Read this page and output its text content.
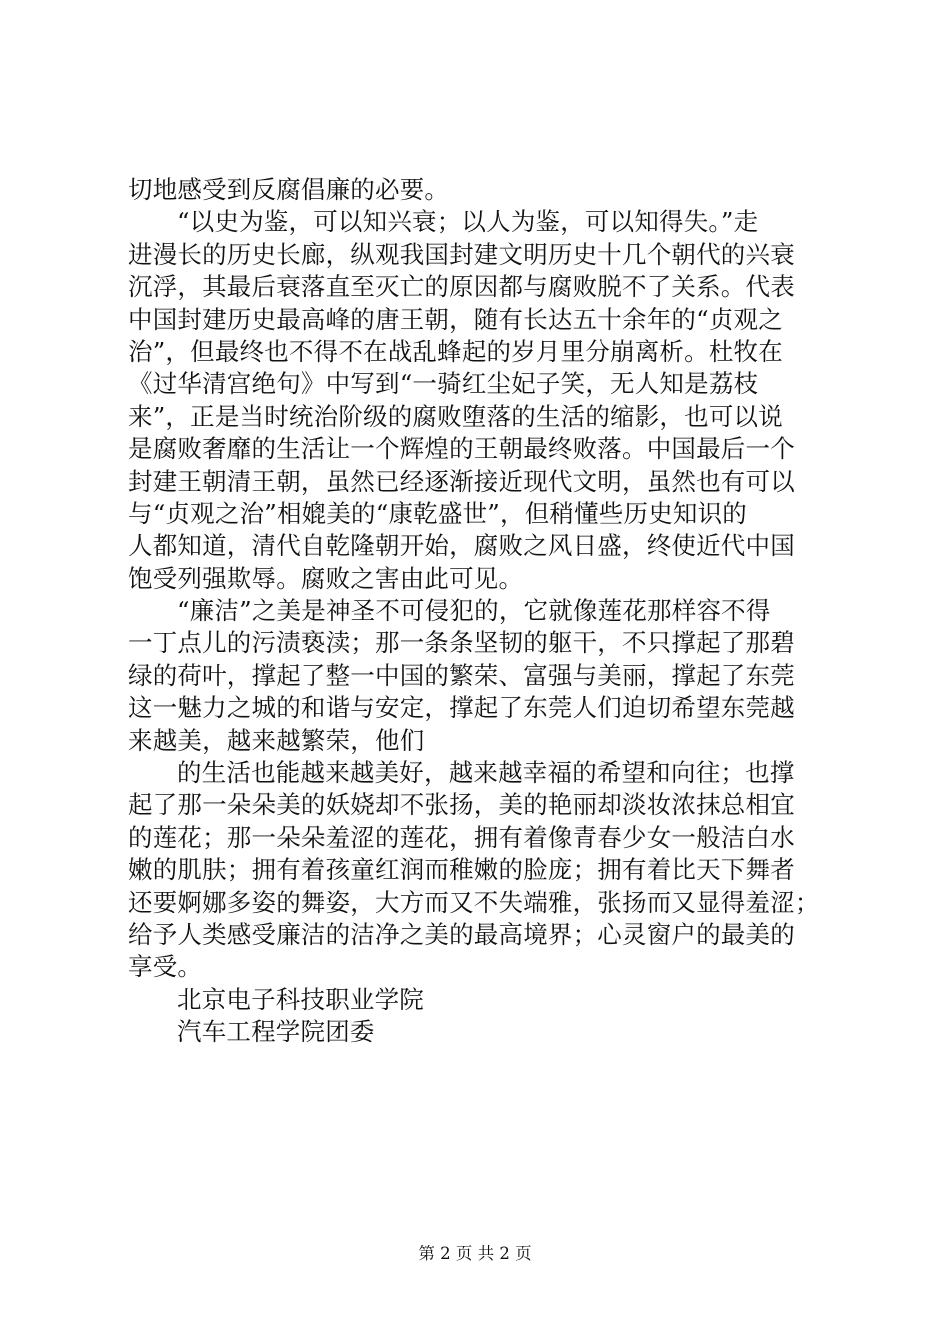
切地感受到反腐倡廉的必要。
“以史为鉴，可以知兴衰；以人为鉴，可以知得失。”走
进漫长的历史长廊，纵观我国封建文明历史十几个朝代的兴衰
沉浮，其最后衰落直至灭亡的原因都与腐败脱不了关系。代表
中国封建历史最高峰的唐王朝，随有长达五十余年的“贞观之
治”，但最终也不得不在战乱蜂起的岁月里分崩离析。杜牧在
《过华清宫绝句》中写到“一骑红尘妃子笑，无人知是荔枝
来”，正是当时统治阶级的腐败堕落的生活的缩影，也可以说
是腐败奢靡的生活让一个辉煌的王朝最终败落。中国最后一个
封建王朝清王朝，虽然已经逐渐接近现代文明，虽然也有可以
与“贞观之治”相媲美的“康乾盛世”，但稍懂些历史知识的
人都知道，清代自乾隆朝开始，腐败之风日盛，终使近代中国
饱受列强欺辱。腐败之害由此可见。
“廉洁”之美是神圣不可侵犯的，它就像莲花那样容不得
一丁点儿的污渍亵渎；那一条条坚韧的躯干，不只撑起了那碧
绿的荷叶，撑起了整一中国的繁荣、富强与美丽，撑起了东莞
这一魅力之城的和谐与安定，撑起了东莞人们迫切希望东莞越
来越美，越来越繁荣，他们
的生活也能越来越美好，越来越幸福的希望和向往；也撑
起了那一朵朵美的妖娆却不张扬，美的艳丽却淡妆浓抹总相宜
的莲花；那一朵朵羞涩的莲花，拥有着像青春少女一般洁白水
嫩的肌肤；拥有着孩童红润而稚嫩的脸庞；拥有着比天下舞者
还要婀娜多姿的舞姿，大方而又不失端雅，张扬而又显得羞涩；
给予人类感受廉洁的洁净之美的最高境界；心灵窗户的最美的
享受。
北京电子科技职业学院
汽车工程学院团委
第 2 页 共 2 页
